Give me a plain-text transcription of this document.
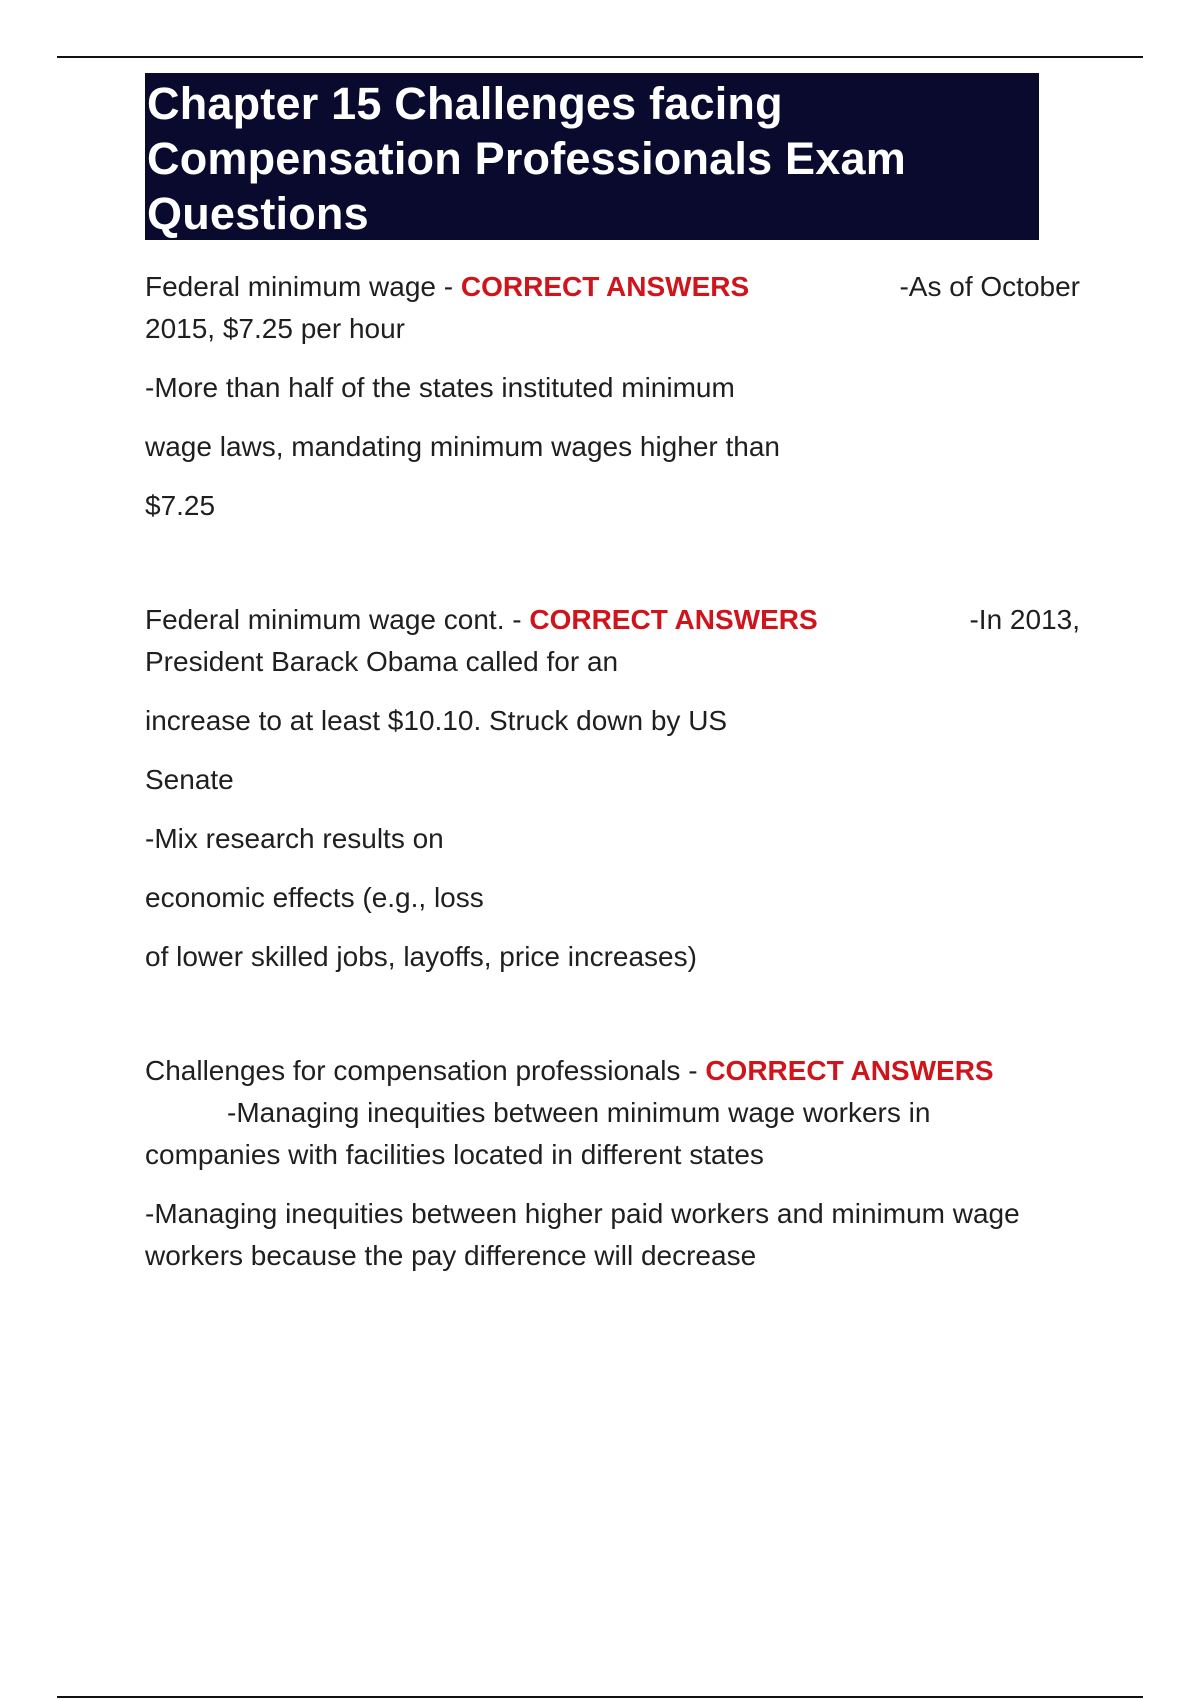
Chapter 15 Challenges facing Compensation Professionals Exam Questions

Federal minimum wage - CORRECT ANSWERS	-As of October

2015, $7.25 per hour

-More than half of the states instituted minimum

wage laws, mandating minimum wages higher than

$7.25

Federal minimum wage cont. - CORRECT ANSWERS	-In 2013,

President Barack Obama called for an

increase to at least $10.10. Struck down by US

Senate

-Mix research results on

economic effects (e.g., loss

of lower skilled jobs, layoffs, price increases)

Challenges for compensation professionals - CORRECT ANSWERS

-Managing inequities between minimum wage workers in

companies with facilities located in different states

-Managing inequities between higher paid workers and minimum wage

workers because the pay difference will decrease
